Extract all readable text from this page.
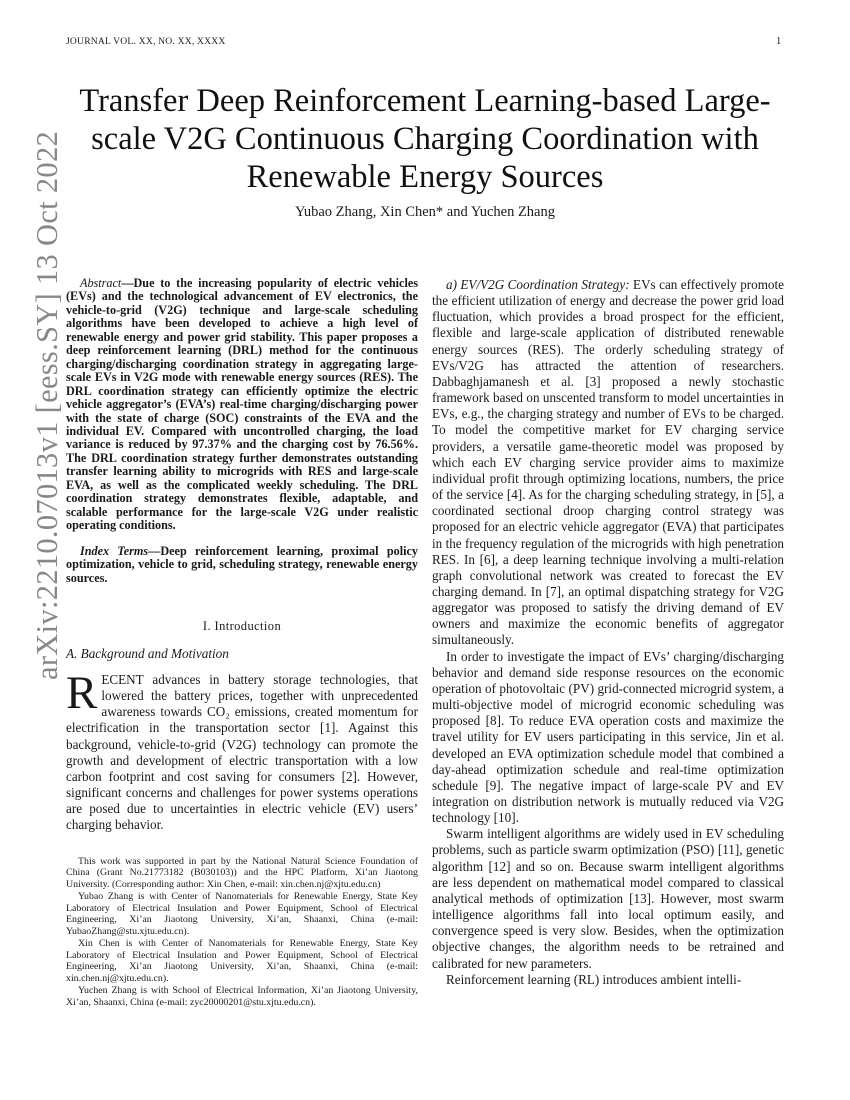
JOURNAL VOL. XX, NO. XX, XXXX	1
Transfer Deep Reinforcement Learning-based Large-scale V2G Continuous Charging Coordination with Renewable Energy Sources
Yubao Zhang, Xin Chen* and Yuchen Zhang
arXiv:2210.07013v1 [eess.SY] 13 Oct 2022	Abstract—Due to the increasing popularity of electric vehicles (EVs) and the technological advancement of EV electronics, the vehicle-to-grid (V2G) technique and large-scale scheduling algorithms have been developed to achieve a high level of renewable energy and power grid stability. This paper proposes a deep reinforcement learning (DRL) method for the continuous charging/discharging coordination strategy in aggregating large-scale EVs in V2G mode with renewable energy sources (RES). The DRL coordination strategy can efficiently optimize the electric vehicle aggregator’s (EVA’s) real-time charging/discharging power with the state of charge (SOC) constraints of the EVA and the individual EV. Compared with uncontrolled charging, the load variance is reduced by 97.37% and the charging cost by 76.56%. The DRL coordination strategy further demonstrates outstanding transfer learning ability to microgrids with RES and large-scale EVA, as well as the complicated weekly scheduling. The DRL coordination strategy demonstrates flexible, adaptable, and scalable performance for the large-scale V2G under realistic operating conditions.

Index Terms—Deep reinforcement learning, proximal policy optimization, vehicle to grid, scheduling strategy, renewable energy sources.

I. Introduction
A. Background and Motivation

RECENT advances in battery storage technologies, that lowered the battery prices, together with unprecedented awareness towards CO₂ emissions, created momentum for electrification in the transportation sector [1]. Against this background, vehicle-to-grid (V2G) technology can promote the growth and development of electric transportation with a low carbon footprint and cost saving for consumers [2]. However, significant concerns and challenges for power systems operations are posed due to uncertainties in electric vehicle (EV) users’ charging behavior.

This work was supported in part by the National Natural Science Foundation of China (Grant No.21773182 (B030103)) and the HPC Platform, Xi’an Jiaotong University. (Corresponding author: Xin Chen, e-mail: xin.chen.nj@xjtu.edu.cn)

Yubao Zhang is with Center of Nanomaterials for Renewable Energy, State Key Laboratory of Electrical Insulation and Power Equipment, School of Electrical Engineering, Xi’an Jiaotong University, Xi’an, Shaanxi, China (e-mail: YubaoZhang@stu.xjtu.edu.cn).

Xin Chen is with Center of Nanomaterials for Renewable Energy, State Key Laboratory of Electrical Insulation and Power Equipment, School of Electrical Engineering, Xi’an Jiaotong University, Xi’an, Shaanxi, China (e-mail: xin.chen.nj@xjtu.edu.cn).

Yuchen Zhang is with School of Electrical Information, Xi’an Jiaotong University, Xi’an, Shaanxi, China (e-mail: zyc20000201@stu.xjtu.edu.cn).

a) EV/V2G Coordination Strategy: EVs can effectively promote the efficient utilization of energy and decrease the power grid load fluctuation, which provides a broad prospect for the efficient, flexible and large-scale application of distributed renewable energy sources (RES). The orderly scheduling strategy of EVs/V2G has attracted the attention of researchers. Dabbaghjamanesh et al. [3] proposed a newly stochastic framework based on unscented transform to model uncertainties in EVs, e.g., the charging strategy and number of EVs to be charged. To model the competitive market for EV charging service providers, a versatile game-theoretic model was proposed by which each EV charging service provider aims to maximize individual profit through optimizing locations, numbers, the price of the service [4]. As for the charging scheduling strategy, in [5], a coordinated sectional droop charging control strategy was proposed for an electric vehicle aggregator (EVA) that participates in the frequency regulation of the microgrids with high penetration RES. In [6], a deep learning technique involving a multi-relation graph convolutional network was created to forecast the EV charging demand. In [7], an optimal dispatching strategy for V2G aggregator was proposed to satisfy the driving demand of EV owners and maximize the economic benefits of aggregator simultaneously.

In order to investigate the impact of EVs’ charging/discharging behavior and demand side response resources on the economic operation of photovoltaic (PV) grid-connected microgrid system, a multi-objective model of microgrid economic scheduling was proposed [8]. To reduce EVA operation costs and maximize the travel utility for EV users participating in this service, Jin et al. developed an EVA optimization schedule model that combined a day-ahead optimization schedule and real-time optimization schedule [9]. The negative impact of large-scale PV and EV integration on distribution network is mutually reduced via V2G technology [10].

Swarm intelligent algorithms are widely used in EV scheduling problems, such as particle swarm optimization (PSO) [11], genetic algorithm [12] and so on. Because swarm intelligent algorithms are less dependent on mathematical model compared to classical analytical methods of optimization [13]. However, most swarm intelligence algorithms fall into local optimum easily, and convergence speed is very slow. Besides, when the optimization objective changes, the algorithm needs to be retrained and calibrated for new parameters.

Reinforcement learning (RL) introduces ambient intelli-
